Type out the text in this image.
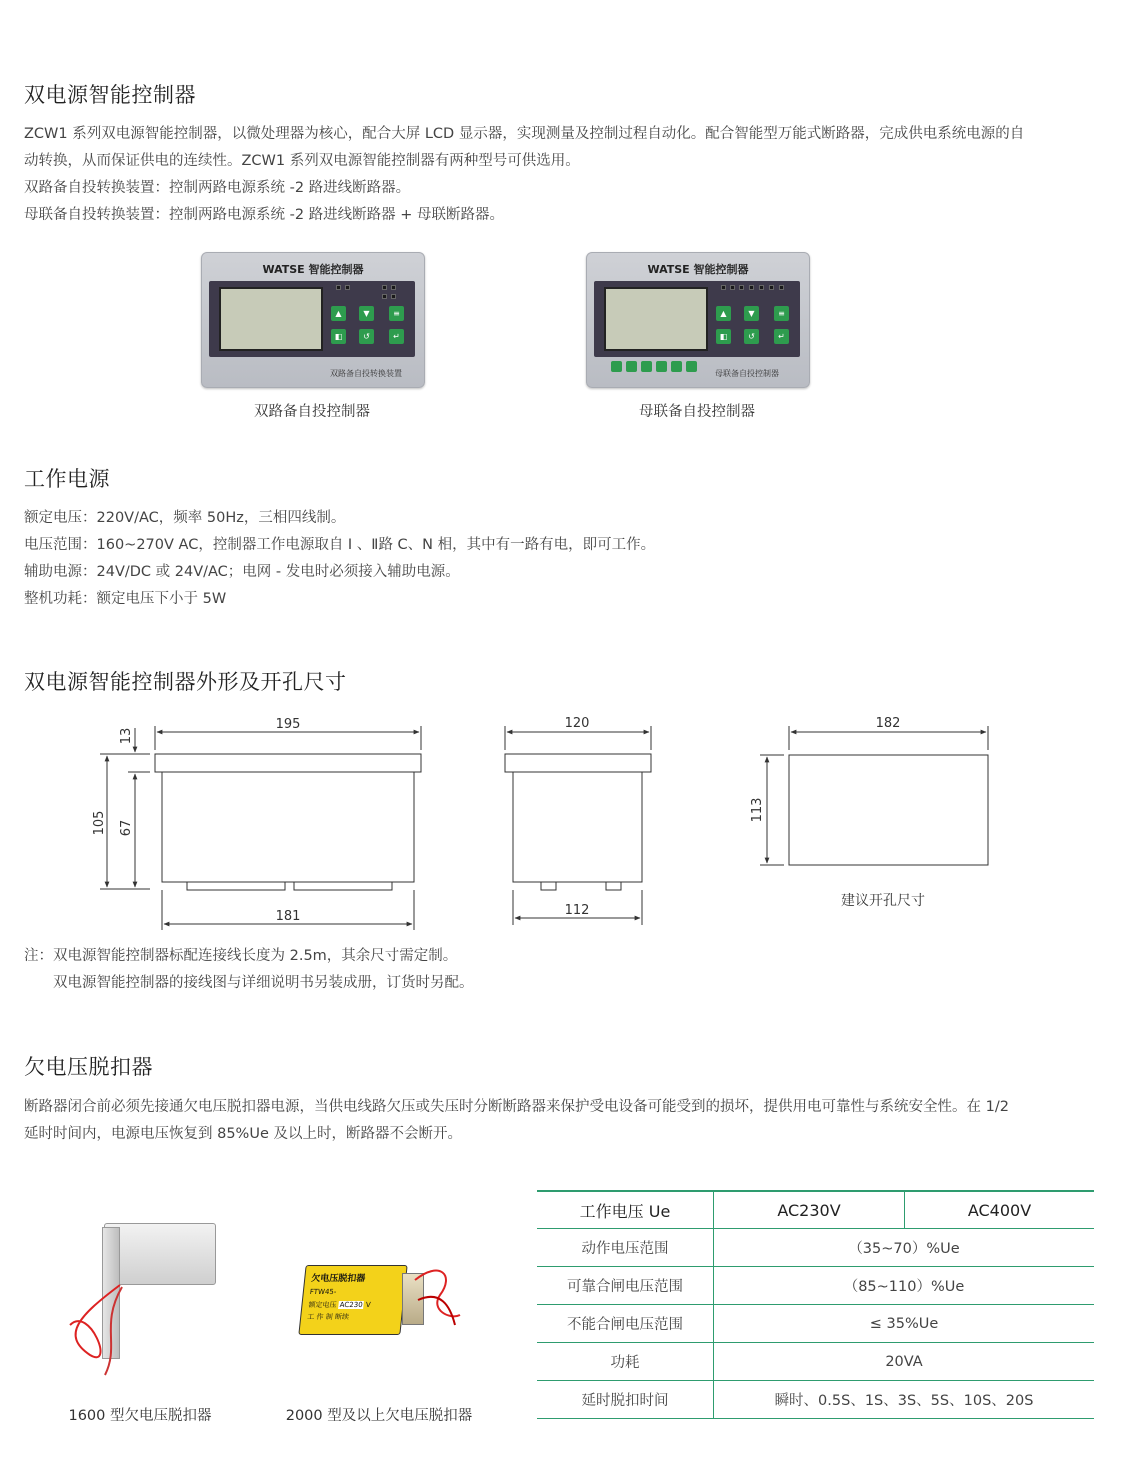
双电源智能控制器
ZCW1 系列双电源智能控制器，以微处理器为核心，配合大屏 LCD 显示器，实现测量及控制过程自动化。配合智能型万能式断路器，完成供电系统电源的自
动转换，从而保证供电的连续性。ZCW1 系列双电源智能控制器有两种型号可供选用。
双路备自投转换装置：控制两路电源系统 -2 路进线断路器。
母联备自投转换装置：控制两路电源系统 -2 路进线断路器 + 母联断路器。
WATSE 智能控制器
▲	▼	≡
◧	↺	↵
双路备自投转换装置
双路备自投控制器
WATSE 智能控制器
▲	▼	≡
◧	↺	↵
母联备自投控制器
母联备自投控制器
工作电源
额定电压：220V/AC，频率 50Hz，三相四线制。
电压范围：160~270V AC，控制器工作电源取自 Ⅰ 、Ⅱ路 C、N 相，其中有一路有电，即可工作。
辅助电源：24V/DC 或 24V/AC；电网 - 发电时必须接入辅助电源。
整机功耗：额定电压下小于 5W
双电源智能控制器外形及开孔尺寸
195
181
105 67
13
120
112
182
113
建议开孔尺寸
注：双电源智能控制器标配连接线长度为 2.5m，其余尺寸需定制。
双电源智能控制器的接线图与详细说明书另装成册，订货时另配。
欠电压脱扣器
断路器闭合前必须先接通欠电压脱扣器电源，当供电线路欠压或失压时分断断路器来保护受电设备可能受到的损坏，提供用电可靠性与系统安全性。在 1/2
延时时间内，电源电压恢复到 85%Ue 及以上时，断路器不会断开。
欠电压脱扣器
FTW45-
额定电压 AC230 V
工 作 制 断续
1600 型欠电压脱扣器	2000 型及以上欠电压脱扣器
工作电压 Ue	AC230V	AC400V
动作电压范围	（35~70）%Ue	
可靠合闸电压范围	（85~110）%Ue	
不能合闸电压范围	≤ 35%Ue	
功耗	20VA	
延时脱扣时间	瞬时、0.5S、1S、3S、5S、10S、20S	
